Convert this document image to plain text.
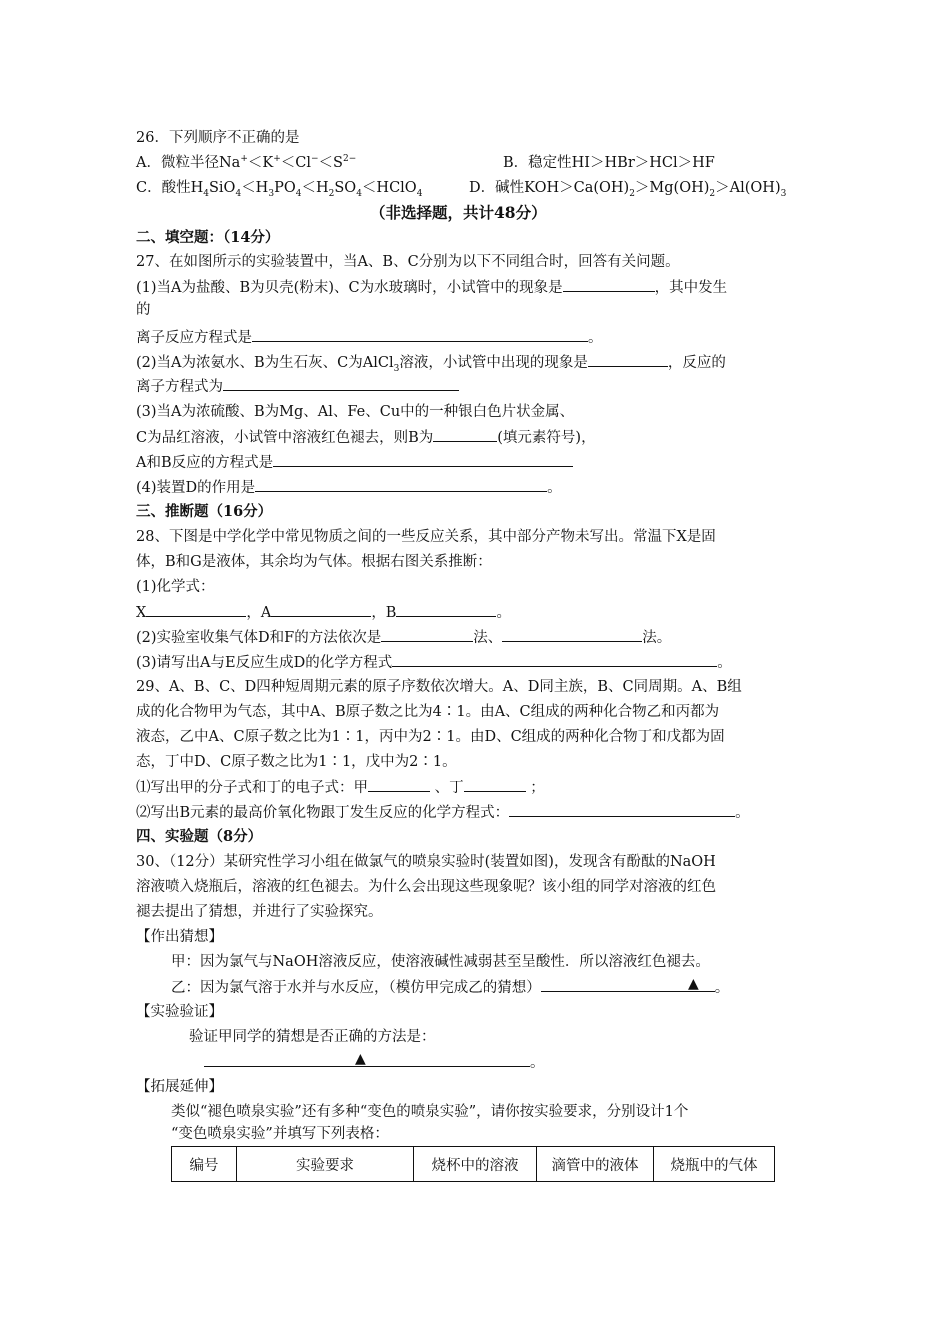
26．下列顺序不正确的是
A．微粒半径$Na^+<K^+<Cl^-<S^{2-}$	B．稳定性HI＞HBr＞HCl＞HF
C．酸性$H_4SiO_4<H_3PO_4<H_2SO_4<HClO_4$	D．碱性$KOH>Ca(OH)_2>Mg(OH)_2>Al(OH)_3$
（非选择题，共计48分）
二、填空题：（14分）
27、在如图所示的实验装置中，当A、B、C分别为以下不同组合时，回答有关问题。
(1)当A为盐酸、B为贝壳(粉末)、C为水玻璃时，小试管中的现象是	，其中发生
的
离子反应方程式是	。
(2)当A为浓氨水、B为生石灰、C为AlCl$_3$溶液，小试管中出现的现象是	，反应的
离子方程式为
(3)当A为浓硫酸、B为Mg、Al、Fe、Cu中的一种银白色片状金属、
C为品红溶液，小试管中溶液红色褪去，则B为	(填元素符号)，
A和B反应的方程式是
(4)装置D的作用是	。
三、推断题（16分）
28、下图是中学化学中常见物质之间的一些反应关系，其中部分产物未写出。常温下X是固
体，B和G是液体，其余均为气体。根据右图关系推断：
(1)化学式：
X	，A	，B	。
(2)实验室收集气体D和F的方法依次是	法、	法。
(3)请写出A与E反应生成D的化学方程式	。
29、A、B、C、D四种短周期元素的原子序数依次增大。A、D同主族，B、C同周期。A、B组
成的化合物甲为气态，其中A、B原子数之比为4∶1。由A、C组成的两种化合物乙和丙都为
液态，乙中A、C原子数之比为1∶1，丙中为2∶1。由D、C组成的两种化合物丁和戊都为固
态，丁中D、C原子数之比为1∶1，戊中为2∶1。
⑴写出甲的分子式和丁的电子式：甲	、丁	；
⑵写出B元素的最高价氧化物跟丁发生反应的化学方程式：	。
四、实验题（8分）
30、（12分）某研究性学习小组在做氯气的喷泉实验时(装置如图)，发现含有酚酞的NaOH
溶液喷入烧瓶后，溶液的红色褪去。为什么会出现这些现象呢？该小组的同学对溶液的红色
褪去提出了猜想，并进行了实验探究。
【作出猜想】
甲：因为氯气与NaOH溶液反应，使溶液碱性减弱甚至呈酸性．所以溶液红色褪去。
乙：因为氯气溶于水并与水反应，（模仿甲完成乙的猜想）	。
▲
【实验验证】
验证甲同学的猜想是否正确的方法是：
。
▲
【拓展延伸】
类似“褪色喷泉实验”还有多种“变色的喷泉实验”，请你按实验要求，分别设计1个
“变色喷泉实验”并填写下列表格：
编号	实验要求	烧杯中的溶液	滴管中的液体	烧瓶中的气体
